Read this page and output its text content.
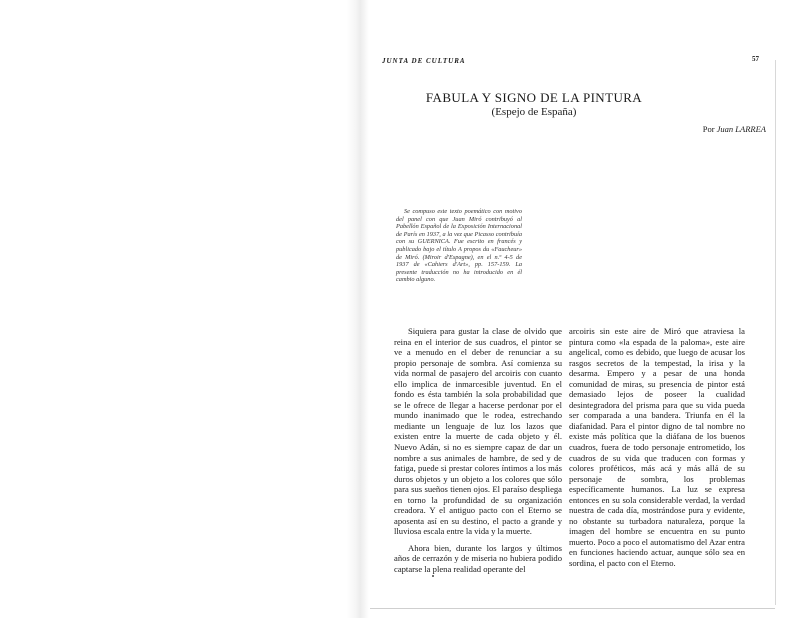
JUNTA DE CULTURA	57
FABULA Y SIGNO DE LA PINTURA
(Espejo de España)
Por Juan LARREA

Se compuso este texto poemático con motivo del panel con que Juan Miró contribuyó al Pabellón Español de la Exposición Internacional de París en 1937, a la vez que Picasso contribuía con su GUERNICA. Fue escrito en francés y publicado bajo el título A propos du «Faucheur» de Miró. (Miroir d'Espagne), en el n.º 4-5 de 1937 de «Cahiers d'Art», pp. 157-159. La presente traducción no ha introducido en él cambio alguno.

Siquiera para gustar la clase de olvido que reina en el interior de sus cuadros, el pintor se ve a menudo en el deber de renunciar a su propio personaje de sombra. Así comienza su vida normal de pasajero del arcoiris con cuanto ello implica de inmarcesible juventud. En el fondo es ésta también la sola probabilidad que se le ofrece de llegar a hacerse perdonar por el mundo inanimado que le rodea, estrechando mediante un lenguaje de luz los lazos que existen entre la muerte de cada objeto y él. Nuevo Adán, si no es siempre capaz de dar un nombre a sus animales de hambre, de sed y de fatiga, puede si prestar colores íntimos a los más duros objetos y un objeto a los colores que sólo para sus sueños tienen ojos. El paraíso despliega en torno la profundidad de su organización creadora. Y el antiguo pacto con el Eterno se aposenta así en su destino, el pacto a grande y lluviosa escala entre la vida y la muerte.

Ahora bien, durante los largos y últimos años de cerrazón y de miseria no hubiera podido captarse la plena realidad operante del

arcoiris sin este aire de Miró que atraviesa la pintura como «la espada de la paloma», este aire angelical, como es debido, que luego de acusar los rasgos secretos de la tempestad, la irisa y la desarma. Empero y a pesar de una honda comunidad de miras, su presencia de pintor está demasiado lejos de poseer la cualidad desintegradora del prisma para que su vida pueda ser comparada a una bandera. Triunfa en él la diafanidad. Para el pintor digno de tal nombre no existe más política que la diáfana de los buenos cuadros, fuera de todo personaje entrometido, los cuadros de su vida que traducen con formas y colores proféticos, más acá y más allá de su personaje de sombra, los problemas específicamente humanos. La luz se expresa entonces en su sola considerable verdad, la verdad nuestra de cada día, mostrándose pura y evidente, no obstante su turbadora naturaleza, porque la imagen del hombre se encuentra en su punto muerto. Poco a poco el automatismo del Azar entra en funciones haciendo actuar, aunque sólo sea en sordina, el pacto con el Eterno.
